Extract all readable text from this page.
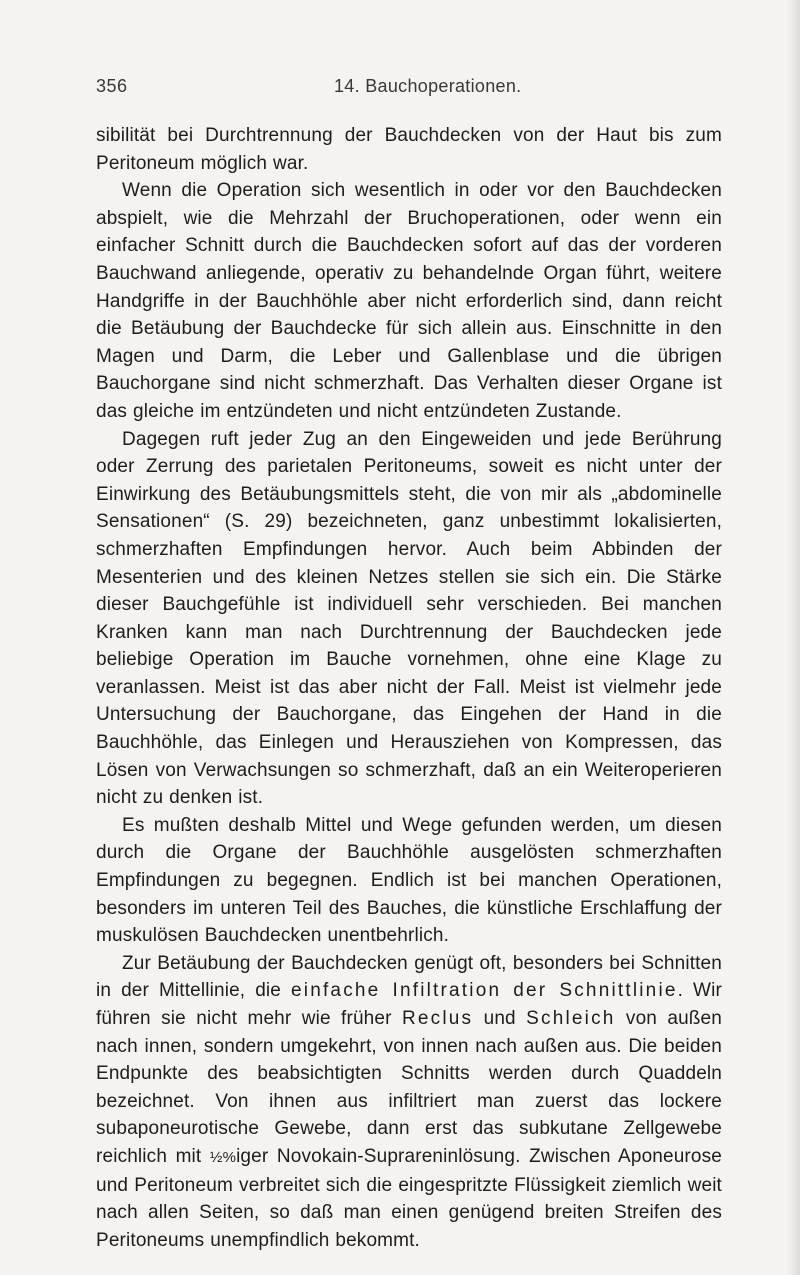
356	14. Bauchoperationen.

sibilität bei Durchtrennung der Bauchdecken von der Haut bis zum Peritoneum möglich war.

Wenn die Operation sich wesentlich in oder vor den Bauchdecken abspielt, wie die Mehrzahl der Bruchoperationen, oder wenn ein einfacher Schnitt durch die Bauchdecken sofort auf das der vorderen Bauchwand anliegende, operativ zu behandelnde Organ führt, weitere Handgriffe in der Bauchhöhle aber nicht erforderlich sind, dann reicht die Betäubung der Bauchdecke für sich allein aus. Einschnitte in den Magen und Darm, die Leber und Gallenblase und die übrigen Bauchorgane sind nicht schmerzhaft. Das Verhalten dieser Organe ist das gleiche im entzündeten und nicht entzündeten Zustande.

Dagegen ruft jeder Zug an den Eingeweiden und jede Berührung oder Zerrung des parietalen Peritoneums, soweit es nicht unter der Einwirkung des Betäubungsmittels steht, die von mir als „abdominelle Sensationen“ (S. 29) bezeichneten, ganz unbestimmt lokalisierten, schmerzhaften Empfindungen hervor. Auch beim Abbinden der Mesenterien und des kleinen Netzes stellen sie sich ein. Die Stärke dieser Bauchgefühle ist individuell sehr verschieden. Bei manchen Kranken kann man nach Durchtrennung der Bauchdecken jede beliebige Operation im Bauche vornehmen, ohne eine Klage zu veranlassen. Meist ist das aber nicht der Fall. Meist ist vielmehr jede Untersuchung der Bauchorgane, das Eingehen der Hand in die Bauchhöhle, das Einlegen und Herausziehen von Kompressen, das Lösen von Verwachsungen so schmerzhaft, daß an ein Weiteroperieren nicht zu denken ist.

Es mußten deshalb Mittel und Wege gefunden werden, um diesen durch die Organe der Bauchhöhle ausgelösten schmerzhaften Empfindungen zu begegnen. Endlich ist bei manchen Operationen, besonders im unteren Teil des Bauches, die künstliche Erschlaffung der muskulösen Bauchdecken unentbehrlich.

Zur Betäubung der Bauchdecken genügt oft, besonders bei Schnitten in der Mittellinie, die einfache Infiltration der Schnittlinie. Wir führen sie nicht mehr wie früher Reclus und Schleich von außen nach innen, sondern umgekehrt, von innen nach außen aus. Die beiden Endpunkte des beabsichtigten Schnitts werden durch Quaddeln bezeichnet. Von ihnen aus infiltriert man zuerst das lockere subaponeurotische Gewebe, dann erst das subkutane Zellgewebe reichlich mit ½%iger Novokain-Suprareninlösung. Zwischen Aponeurose und Peritoneum verbreitet sich die eingespritzte Flüssigkeit ziemlich weit nach allen Seiten, so daß man einen genügend breiten Streifen des Peritoneums unempfindlich bekommt.
